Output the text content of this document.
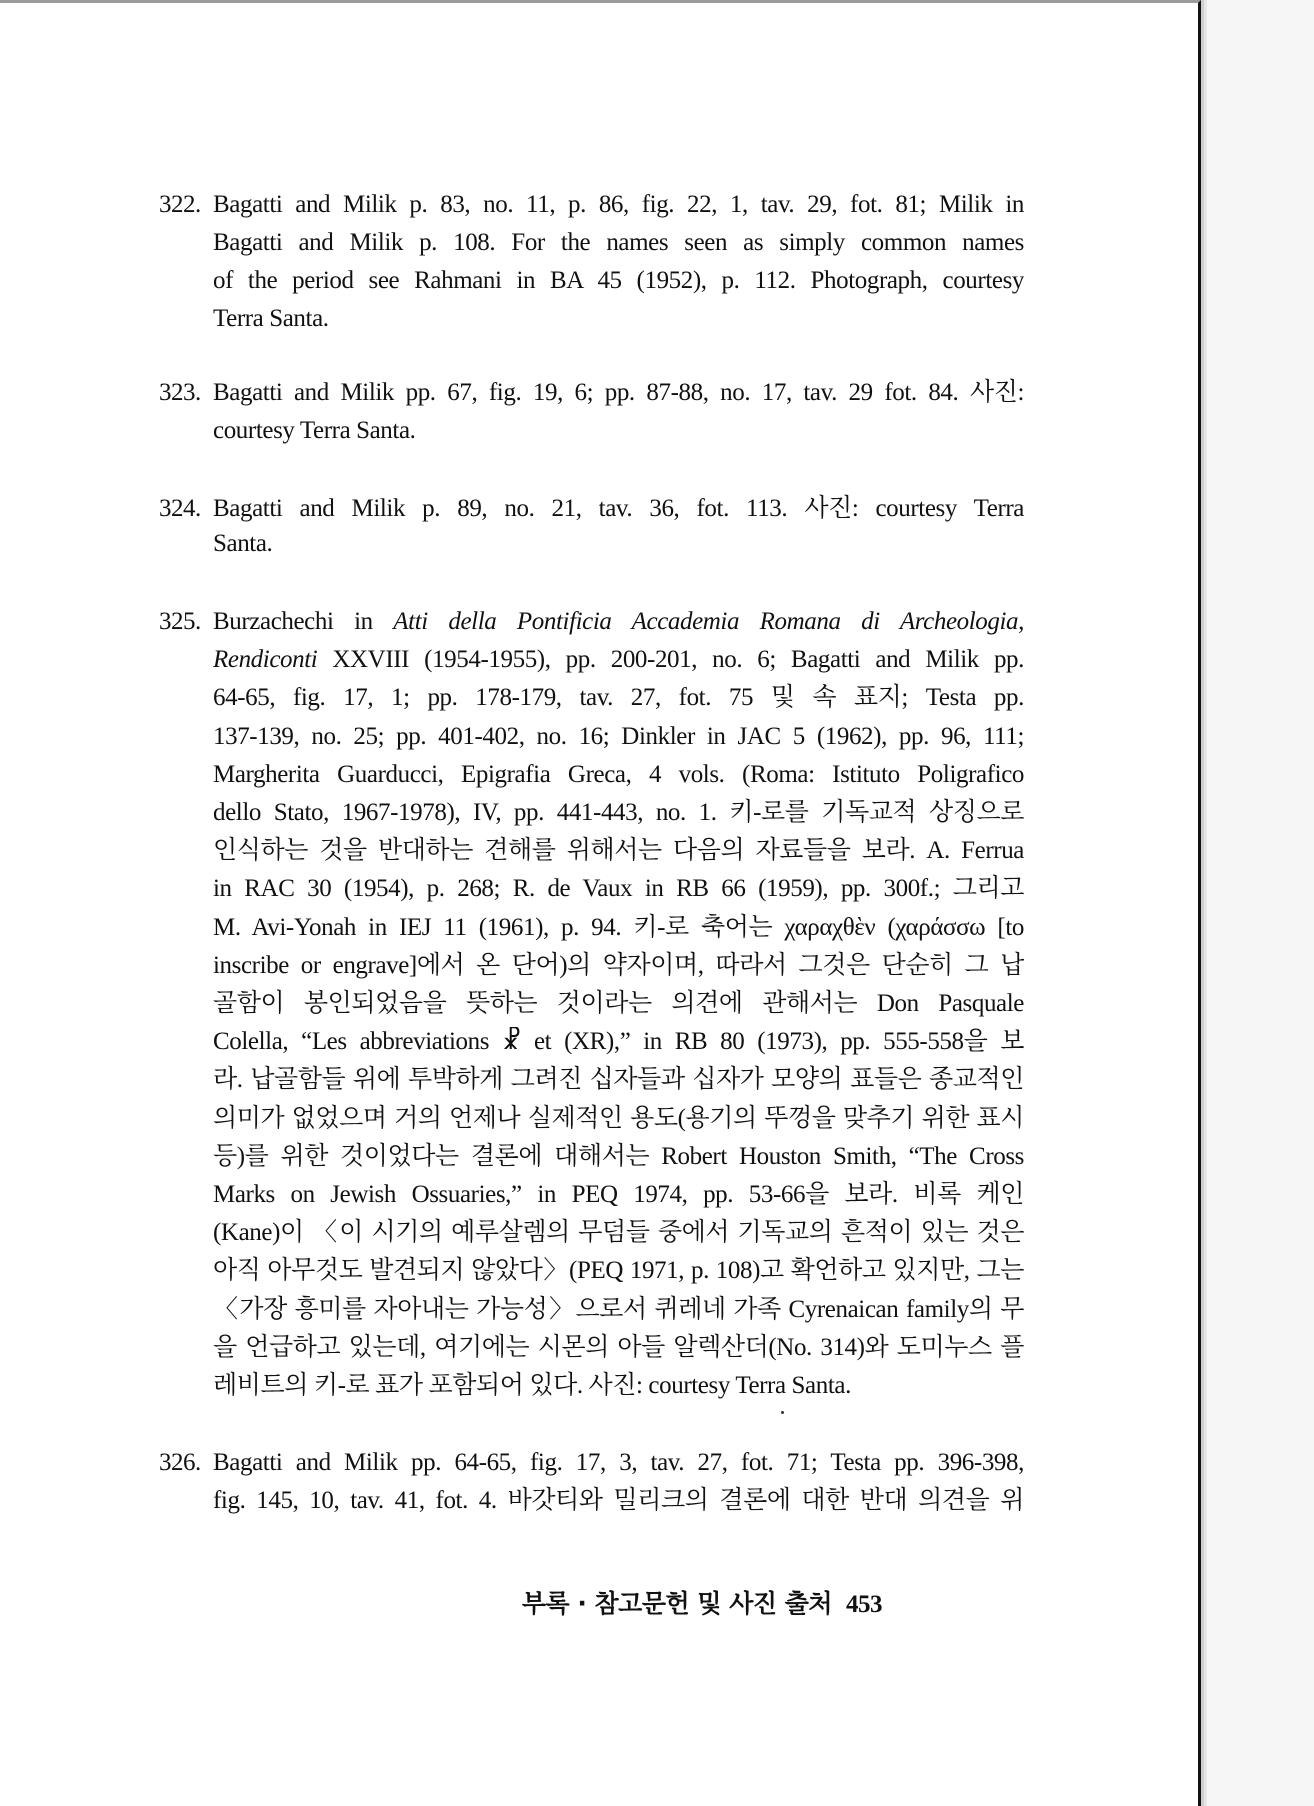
부록 · 참고문헌 및 사진 출처 453
322. Bagatti and Milik p. 83, no. 11, p. 86, fig. 22, 1, tav. 29, fot. 81; Milik in
Bagatti and Milik p. 108. For the names seen as simply common names
of the period see Rahmani in BA 45 (1952), p. 112. Photograph, courtesy
Terra Santa.
323. Bagatti and Milik pp. 67, fig. 19, 6; pp. 87-88, no. 17, tav. 29 fot. 84. 사진:
courtesy Terra Santa.
324. Bagatti and Milik p. 89, no. 21, tav. 36, fot. 113. 사진: courtesy Terra
Santa.
325. Burzachechi in Atti della Pontificia Accademia Romana di Archeologia,
Rendiconti XXVIII (1954-1955), pp. 200-201, no. 6; Bagatti and Milik pp.
64-65, fig. 17, 1; pp. 178-179, tav. 27, fot. 75 및 속 표지; Testa pp.
137-139, no. 25; pp. 401-402, no. 16; Dinkler in JAC 5 (1962), pp. 96, 111;
Margherita Guarducci, Epigrafia Greca, 4 vols. (Roma: Istituto Poligrafico
dello Stato, 1967-1978), IV, pp. 441-443, no. 1. 키-로를 기독교적 상징으로
인식하는 것을 반대하는 견해를 위해서는 다음의 자료들을 보라. A. Ferrua
in RAC 30 (1954), p. 268; R. de Vaux in RB 66 (1959), pp. 300f.; 그리고
M. Avi-Yonah in IEJ 11 (1961), p. 94. 키-로 축어는 χαραχθὲν (χαράσσω [to
inscribe or engrave]에서 온 단어)의 약자이며, 따라서 그것은 단순히 그 납
골함이 봉인되었음을 뜻하는 것이라는 의견에 관해서는 Don Pasquale
Colella, “Les abbreviations ☧ et (XR),” in RB 80 (1973), pp. 555-558을 보
라. 납골함들 위에 투박하게 그려진 십자들과 십자가 모양의 표들은 종교적인
의미가 없었으며 거의 언제나 실제적인 용도(용기의 뚜껑을 맞추기 위한 표시
등)를 위한 것이었다는 결론에 대해서는 Robert Houston Smith, “The Cross
Marks on Jewish Ossuaries,” in PEQ 1974, pp. 53-66을 보라. 비록 케인
(Kane)이 〈이 시기의 예루살렘의 무덤들 중에서 기독교의 흔적이 있는 것은
아직 아무것도 발견되지 않았다〉(PEQ 1971, p. 108)고 확언하고 있지만, 그는
〈가장 흥미를 자아내는 가능성〉으로서 퀴레네 가족 Cyrenaican family의 무
을 언급하고 있는데, 여기에는 시몬의 아들 알렉산더(No. 314)와 도미누스 플
레비트의 키-로 표가 포함되어 있다. 사진: courtesy Terra Santa.
326. Bagatti and Milik pp. 64-65, fig. 17, 3, tav. 27, fot. 71; Testa pp. 396-398,
fig. 145, 10, tav. 41, fot. 4. 바갓티와 밀리크의 결론에 대한 반대 의견을 위
